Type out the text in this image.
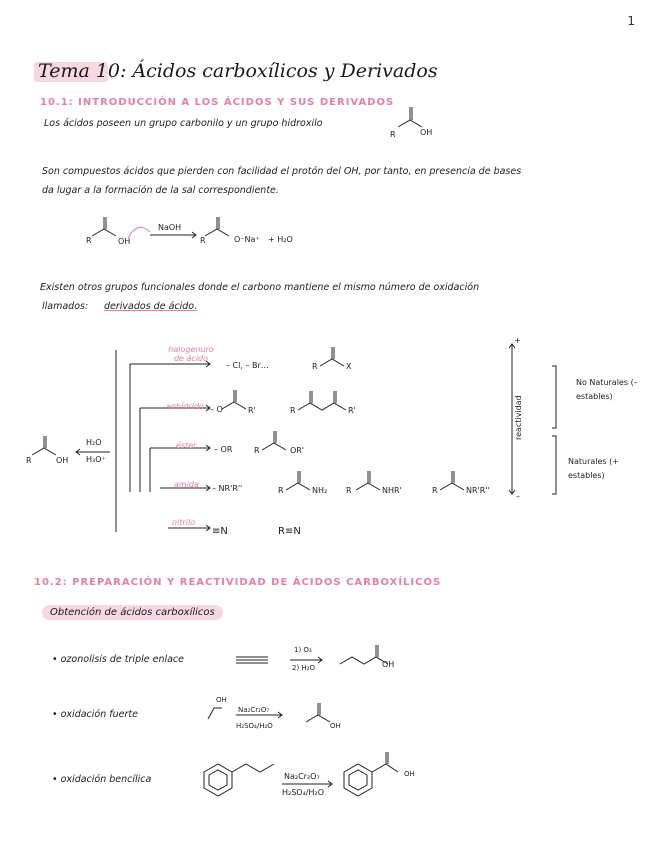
1
Tema 10: Ácidos carboxílicos y Derivados
10.1: INTRODUCCIÓN A LOS ÁCIDOS Y SUS DERIVADOS
Los ácidos poseen un grupo carbonilo y un grupo hidroxilo
Son compuestos ácidos que pierden con facilidad el protón del OH, por tanto, en presencia de bases
da lugar a la formación de la sal correspondiente.
NaOH
O⁻Na⁺ + H₂O
Existen otros grupos funcionales donde el carbono mantiene el mismo número de oxidación
llamados: derivados de ácido.
OH
R
R	OH	R
R	OH
H₂O
H₃O⁺
halogenuro de ácido
– Cl, – Br…	R	X
anhídrido – O	R'	R	R'
éster – OR	R	OR'
amida – NR'R''	R	NH₂ R	NHR'	R	NR'R''
nitrilo
≡N	R≡N
+
–
reactividad
No Naturales (– estables)
Naturales (+ estables)
10.2: PREPARACIÓN Y REACTIVIDAD DE ÁCIDOS CARBOXÍLICOS
Obtención de ácidos carboxílicos
• ozonolisis de triple enlace
1) O₃
2) H₂O	OH
• oxidación fuerte
OH
Na₂Cr₂O₇
H₂SO₄/H₂O	OH
• oxidación bencílica	Na₂Cr₂O₇
H₂SO₄/H₂O
OH
